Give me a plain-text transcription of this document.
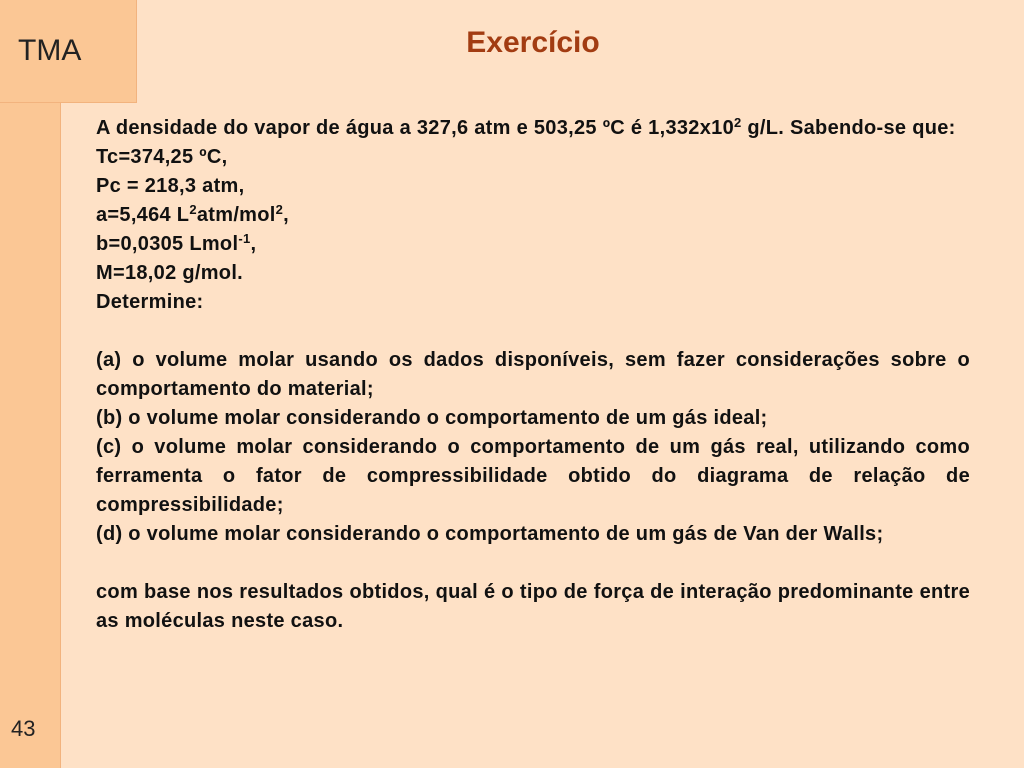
TMA
43
Exercício

A densidade do vapor de água a 327,6 atm e 503,25 ºC é $1,332x10^2$ g/L. Sabendo-se que:

Tc=374,25 ºC,

Pc = 218,3 atm,

a=5,464 $L^2atm/mol^2$,

b=0,0305 Lmol$^{-1}$,

M=18,02 g/mol.

Determine:

(a) o volume molar usando os dados disponíveis, sem fazer considerações sobre o comportamento do material;

(b) o volume molar considerando o comportamento de um gás ideal;

(c) o volume molar considerando o comportamento de um gás real, utilizando como ferramenta o fator de compressibilidade obtido do diagrama de relação de compressibilidade;

(d) o volume molar considerando o comportamento de um gás de Van der Walls;

com base nos resultados obtidos, qual é o tipo de força de interação predominante entre as moléculas neste caso.
